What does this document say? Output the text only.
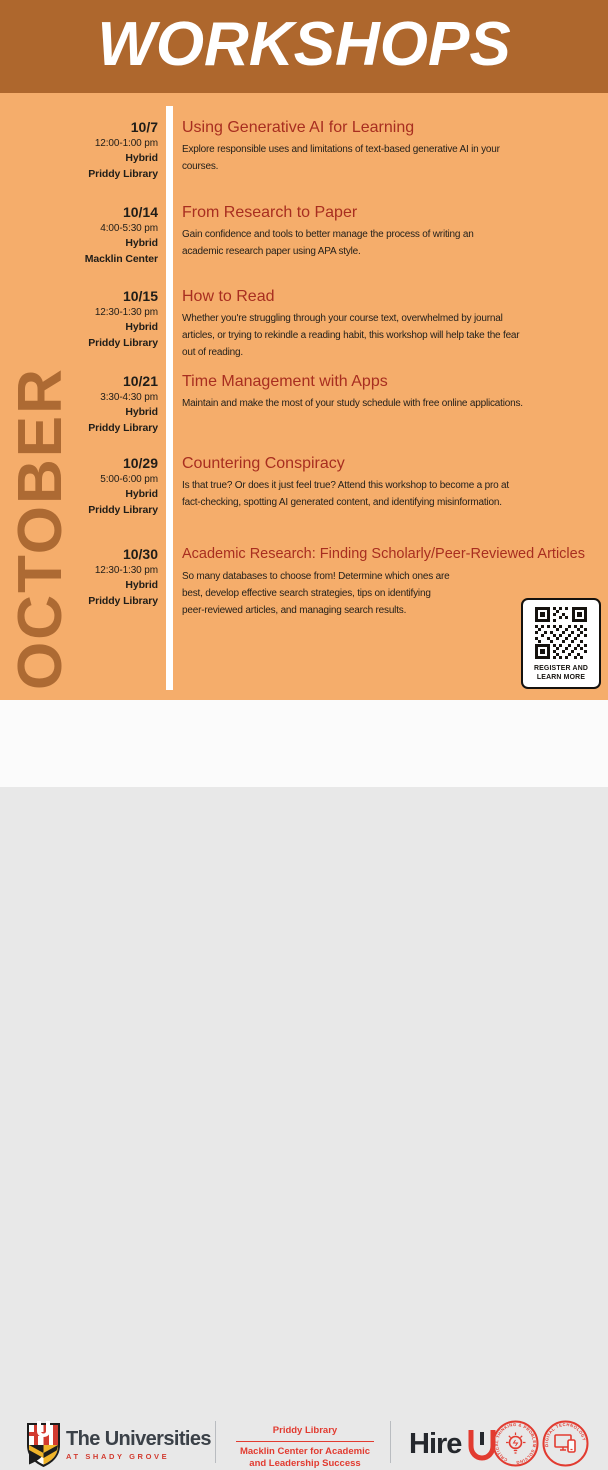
WORKSHOPS
OCTOBER
10/7
12:00-1:00 pm
Hybrid
Priddy Library
Using Generative AI for Learning

Explore responsible uses and limitations of text-based generative AI in your courses.

10/14
4:00-5:30 pm
Hybrid
Macklin Center
From Research to Paper

Gain confidence and tools to better manage the process of writing an academic research paper using APA style.

10/15
12:30-1:30 pm
Hybrid
Priddy Library
How to Read

Whether you're struggling through your course text, overwhelmed by journal articles, or trying to rekindle a reading habit, this workshop will help take the fear out of reading.

10/21
3:30-4:30 pm
Hybrid
Priddy Library
Time Management with Apps

Maintain and make the most of your study schedule with free online applications.

10/29
5:00-6:00 pm
Hybrid
Priddy Library
Countering Conspiracy

Is that true? Or does it just feel true? Attend this workshop to become a pro at fact-checking, spotting AI generated content, and identifying misinformation.

10/30
12:30-1:30 pm
Hybrid
Priddy Library
Academic Research: Finding Scholarly/Peer-Reviewed Articles

So many databases to choose from! Determine which ones are best, develop effective search strategies, tips on identifying peer-reviewed articles, and managing search results.

REGISTER AND
LEARN MORE
The Universities
AT SHADY GROVE
Priddy Library
Macklin Center for Academic and Leadership Success
Hire	CRITICAL THINKING & PROBLEM SOLVING
DIGITAL TECHNOLOGY
